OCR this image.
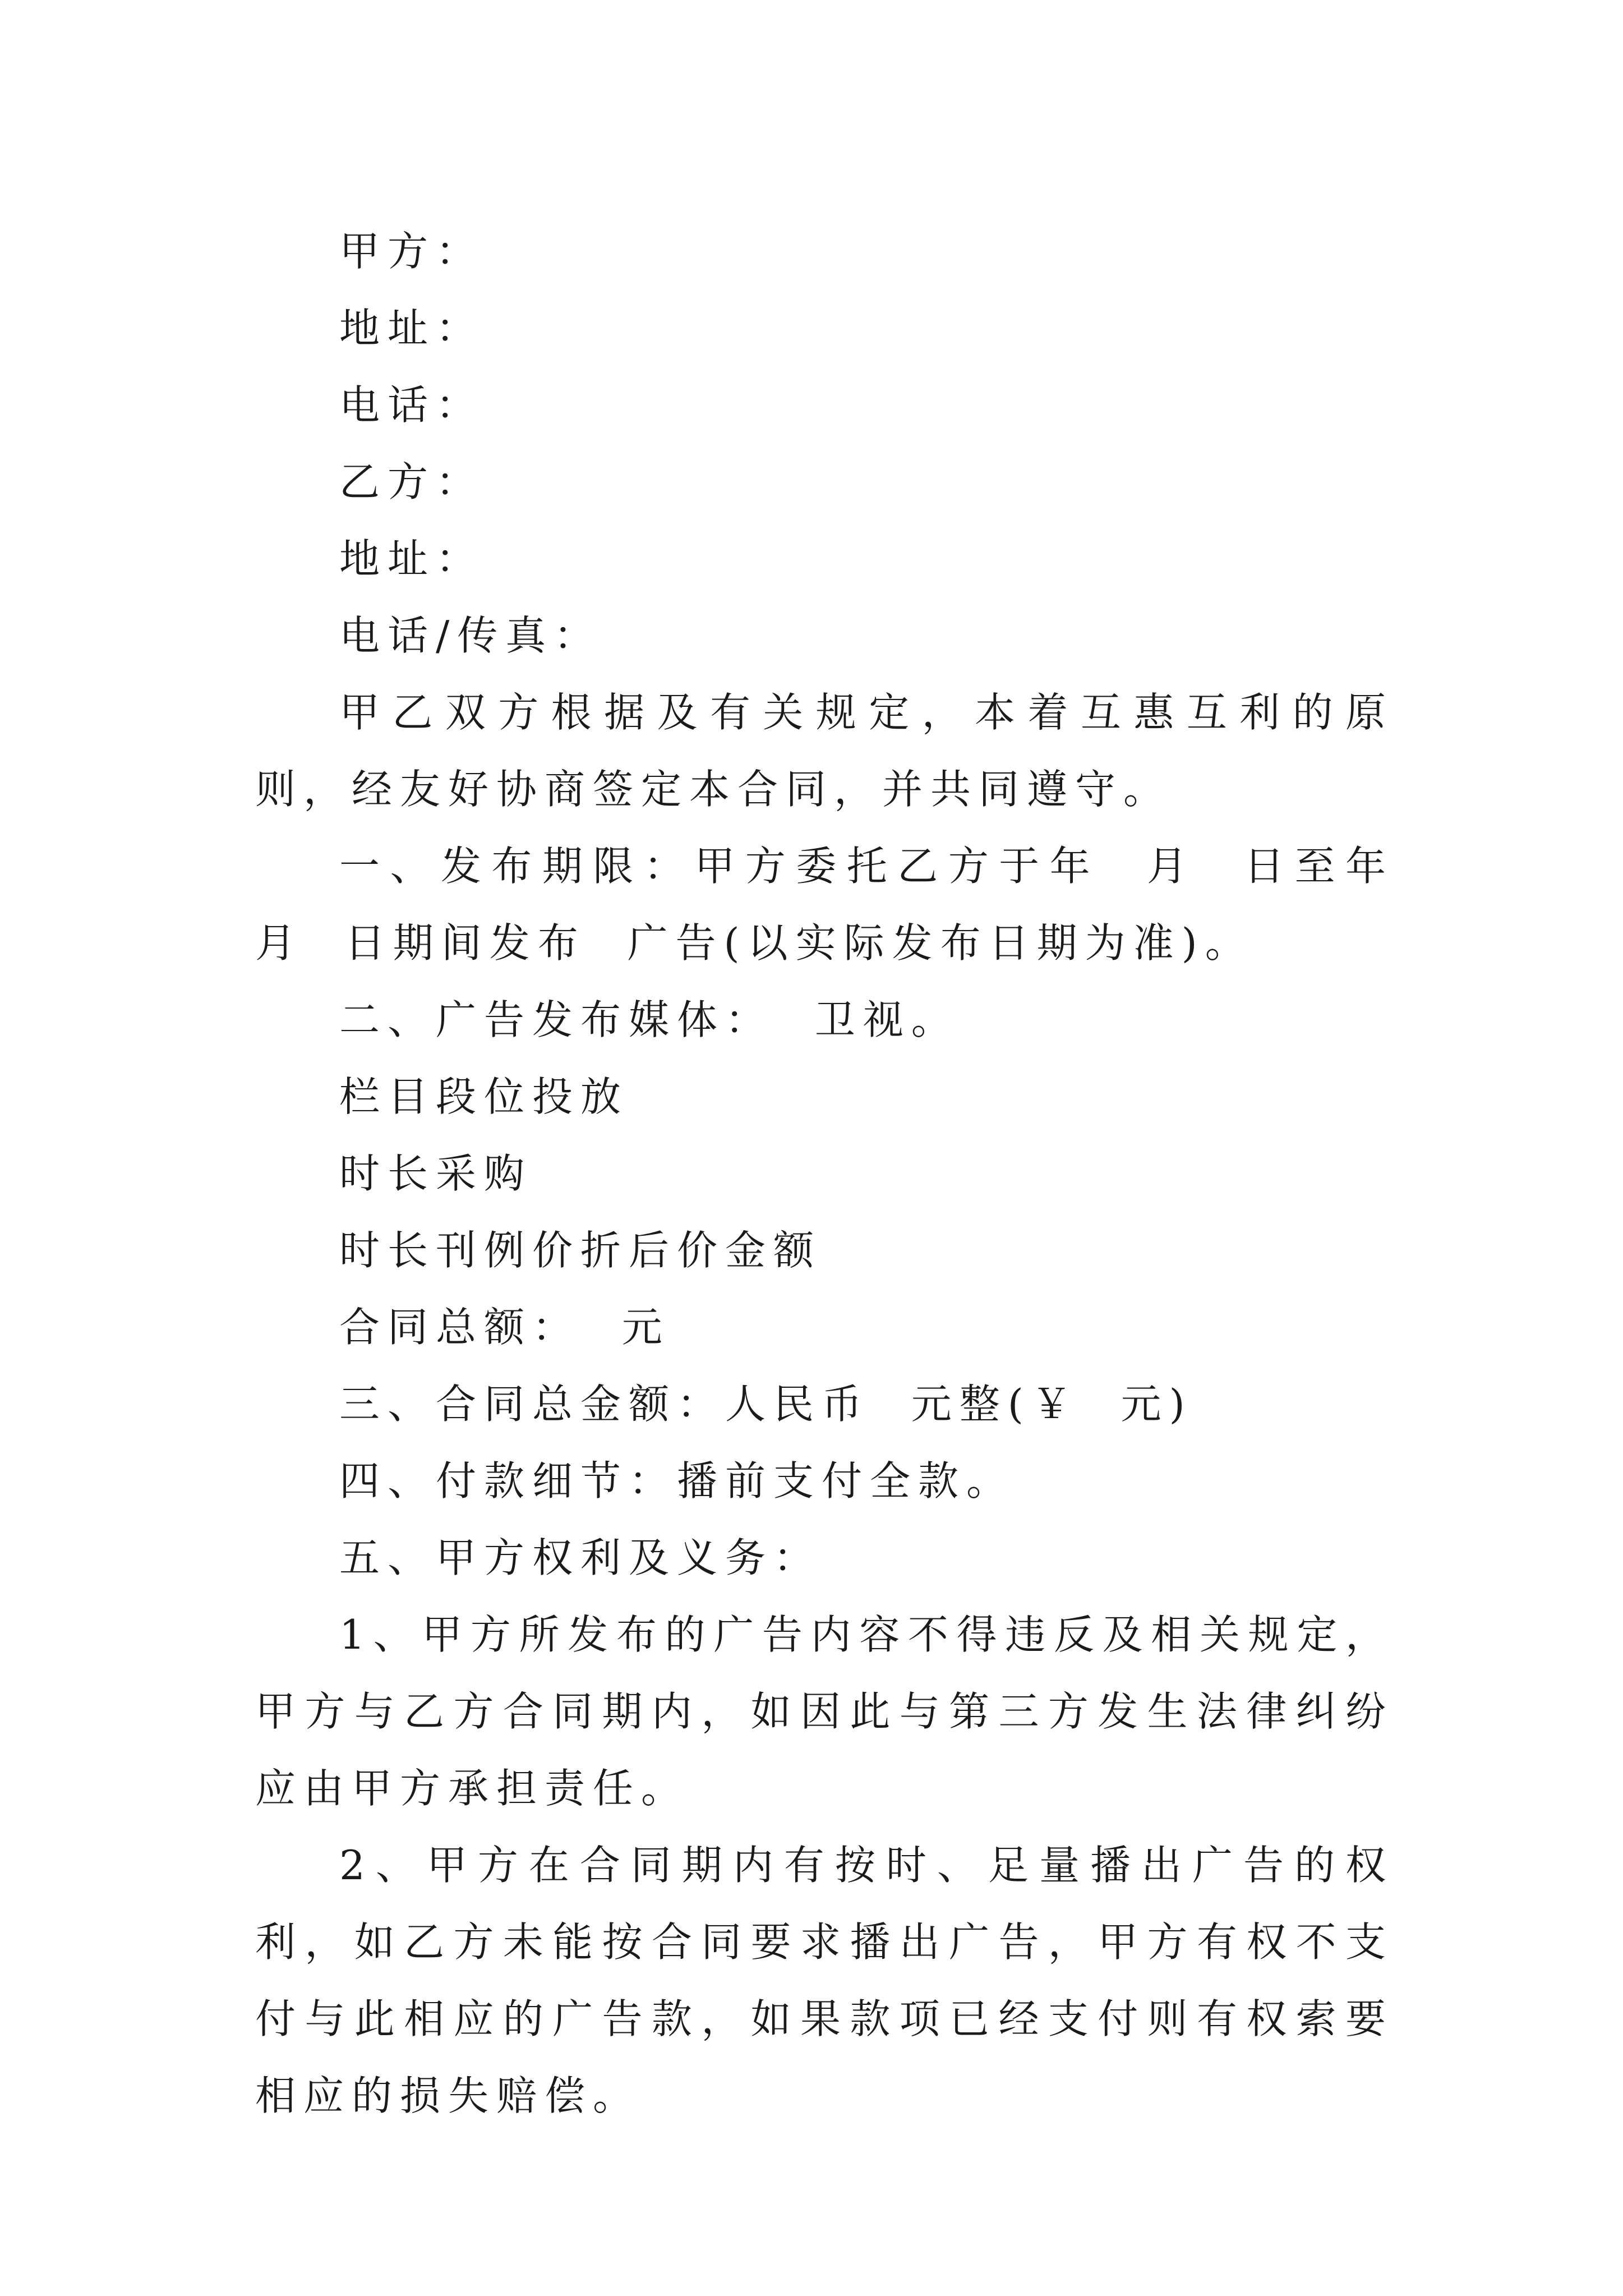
甲方：

地址：

电话：

乙方：

地址：

电话/传真：

甲乙双方根据及有关规定，本着互惠互利的原则，经友好协商签定本合同，并共同遵守。

一、发布期限：甲方委托乙方于年  月  日至年  月  日期间发布  广告(以实际发布日期为准)。

二、广告发布媒体：  卫视。

栏目段位投放

时长采购

时长刊例价折后价金额

合同总额：  元

三、合同总金额：人民币  元整(￥  元)

四、付款细节：播前支付全款。

五、甲方权利及义务：

1、甲方所发布的广告内容不得违反及相关规定，甲方与乙方合同期内，如因此与第三方发生法律纠纷应由甲方承担责任。

2、甲方在合同期内有按时、足量播出广告的权利，如乙方未能按合同要求播出广告，甲方有权不支付与此相应的广告款，如果款项已经支付则有权索要相应的损失赔偿。
